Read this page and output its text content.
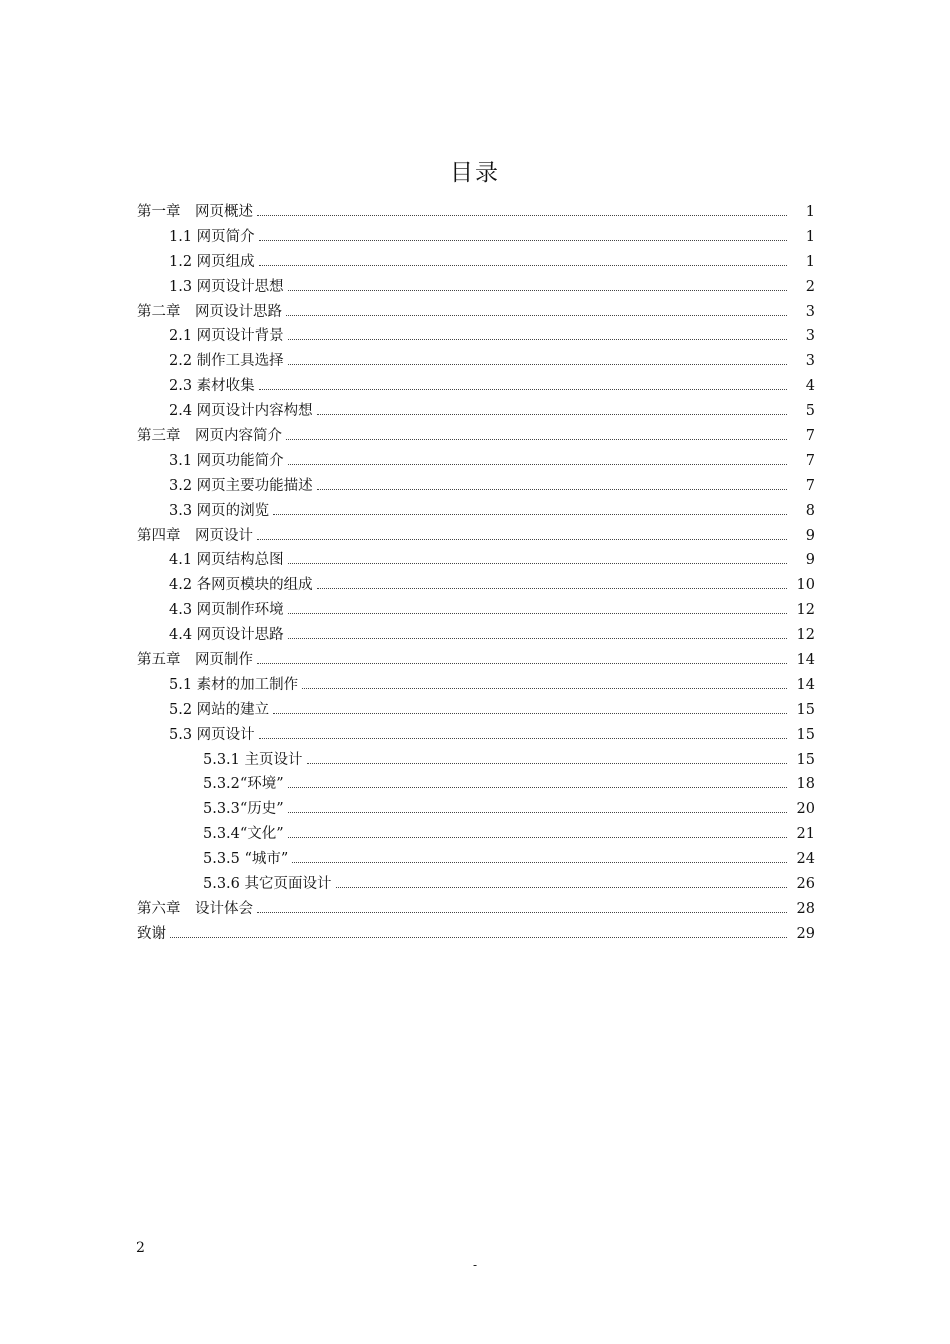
目录
第一章　网页概述	1
1.1 网页简介	1
1.2 网页组成	1
1.3 网页设计思想	2
第二章　网页设计思路	3
2.1 网页设计背景	3
2.2 制作工具选择	3
2.3 素材收集	4
2.4 网页设计内容构想	5
第三章　网页内容简介	7
3.1 网页功能简介	7
3.2 网页主要功能描述	7
3.3 网页的浏览	8
第四章　网页设计	9
4.1 网页结构总图	9
4.2 各网页模块的组成	10
4.3 网页制作环境	12
4.4 网页设计思路	12
第五章　网页制作	14
5.1 素材的加工制作	14
5.2 网站的建立	15
5.3 网页设计	15
5.3.1 主页设计	15
5.3.2“环境”	18
5.3.3“历史”	20
5.3.4“文化”	21
5.3.5 “城市”	24
5.3.6 其它页面设计	26
第六章　设计体会	28
致谢	29
2
-
